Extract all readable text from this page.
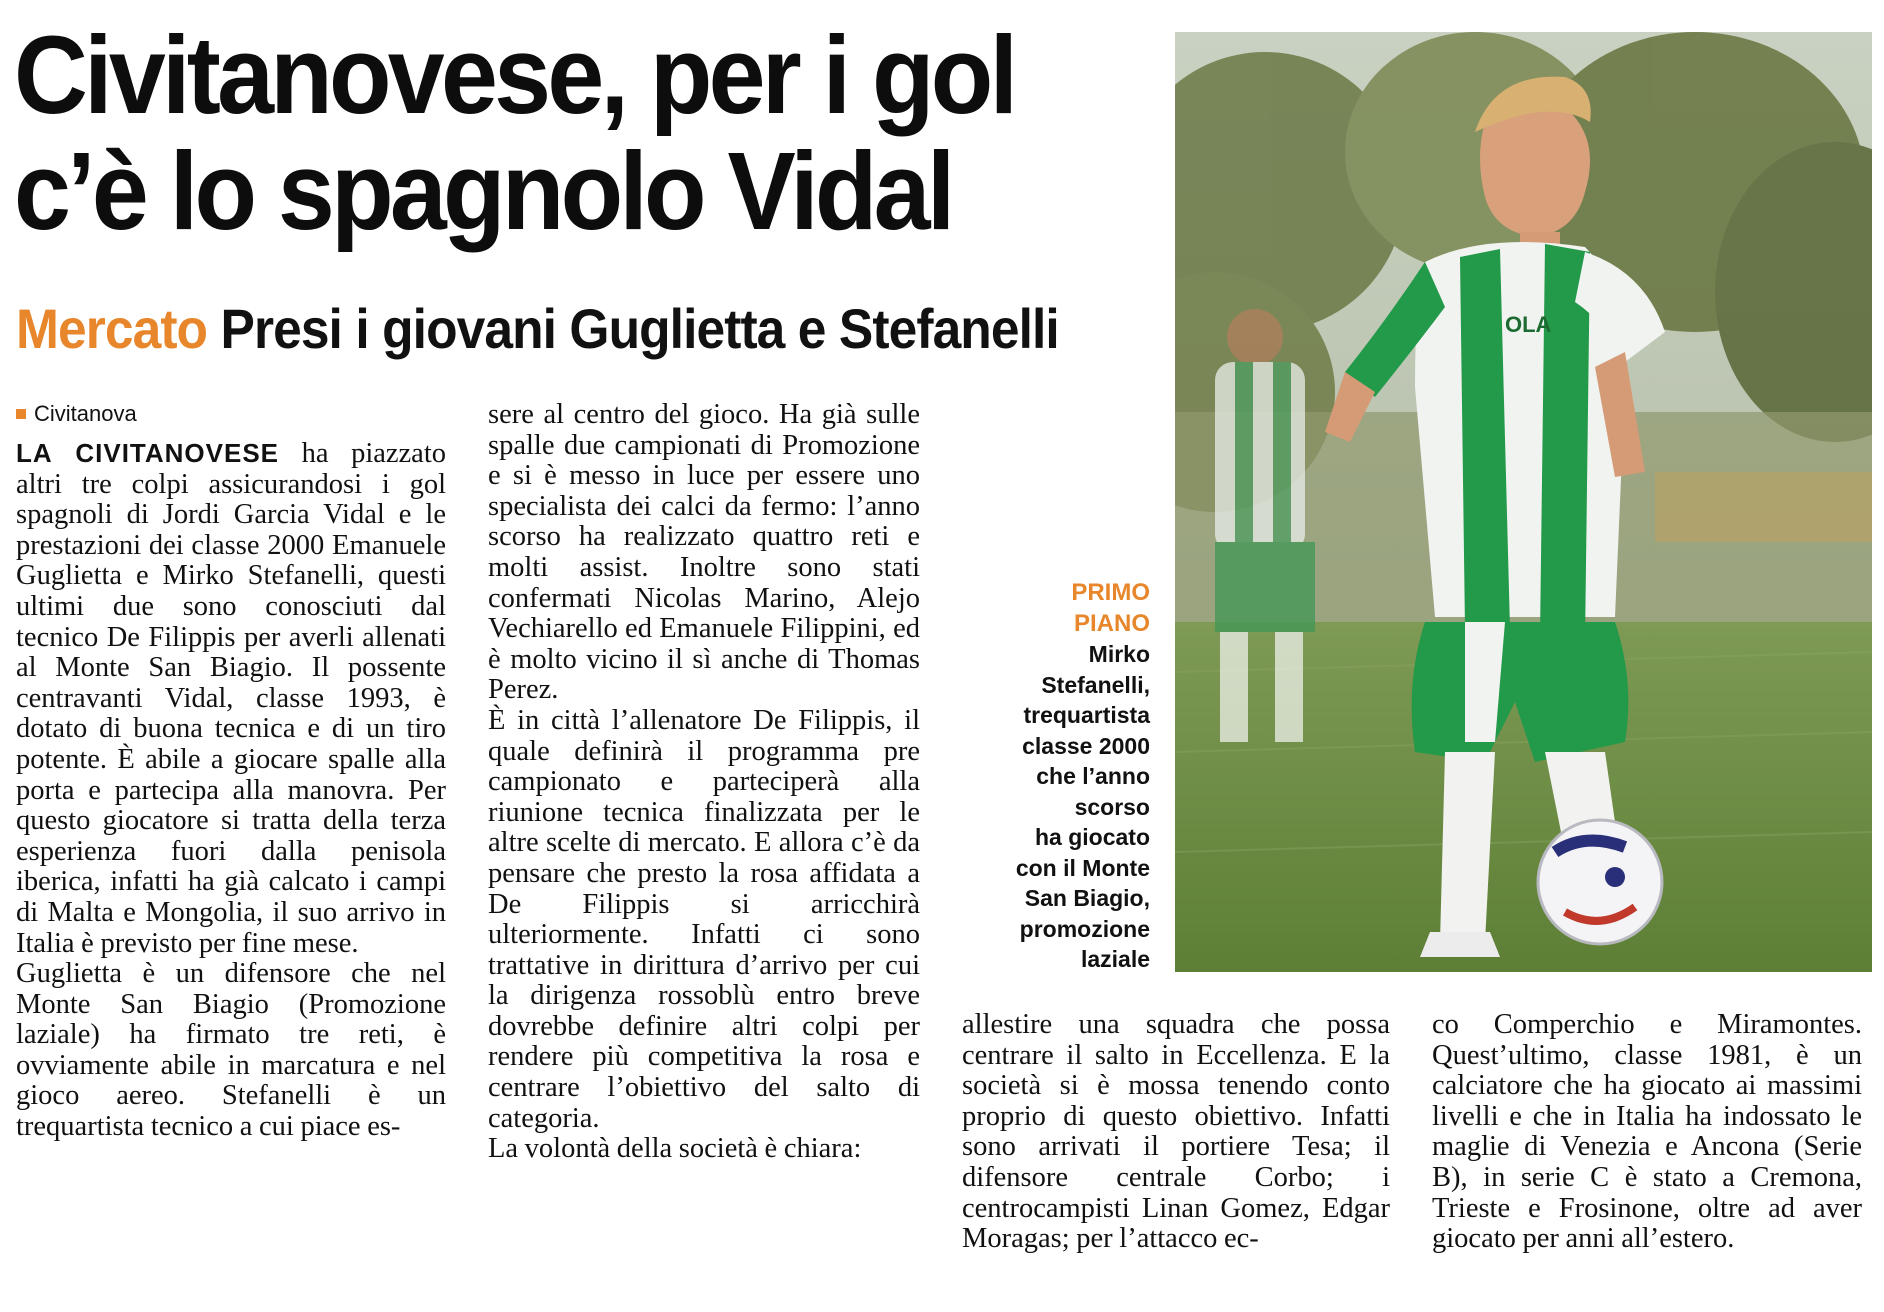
Civitanovese, per i gol
c’è lo spagnolo Vidal
Mercato Presi i giovani Guglietta e Stefanelli
Civitanova

LA CIVITANOVESE ha piazzato altri tre colpi assicurandosi i gol spagnoli di Jordi Garcia Vidal e le prestazioni dei classe 2000 Emanuele Guglietta e Mirko Stefanelli, questi ultimi due sono conosciuti dal tecnico De Filippis per averli allenati al Monte San Biagio. Il possente centravanti Vidal, classe 1993, è dotato di buona tecnica e di un tiro potente. È abile a giocare spalle alla porta e partecipa alla manovra. Per questo giocatore si tratta della terza esperienza fuori dalla penisola iberica, infatti ha già calcato i campi di Malta e Mongolia, il suo arrivo in Italia è previsto per fine mese.

Guglietta è un difensore che nel Monte San Biagio (Promozione laziale) ha firmato tre reti, è ovviamente abile in marcatura e nel gioco aereo. Stefanelli è un trequartista tecnico a cui piace es-

sere al centro del gioco. Ha già sulle spalle due campionati di Promozione e si è messo in luce per essere uno specialista dei calci da fermo: l’anno scorso ha realizzato quattro reti e molti assist. Inoltre sono stati confermati Nicolas Marino, Alejo Vechiarello ed Emanuele Filippini, ed è molto vicino il sì anche di Thomas Perez.

È in città l’allenatore De Filippis, il quale definirà il programma pre campionato e parteciperà alla riunione tecnica finalizzata per le altre scelte di mercato. E allora c’è da pensare che presto la rosa affidata a De Filippis si arricchirà ulteriormente. Infatti ci sono trattative in dirittura d’arrivo per cui la dirigenza rossoblù entro breve dovrebbe definire altri colpi per rendere più competitiva la rosa e centrare l’obiettivo del salto di categoria.

La volontà della società è chiara:

allestire una squadra che possa centrare il salto in Eccellenza. E la società si è mossa tenendo conto proprio di questo obiettivo. Infatti sono arrivati il portiere Tesa; il difensore centrale Corbo; i centrocampisti Linan Gomez, Edgar Moragas; per l’attacco ec-

co Comperchio e Miramontes. Quest’ultimo, classe 1981, è un calciatore che ha giocato ai massimi livelli e che in Italia ha indossato le maglie di Venezia e Ancona (Serie B), in serie C è stato a Cremona, Trieste e Frosinone, oltre ad aver giocato per anni all’estero.

PRIMO
PIANO
Mirko
Stefanelli,
trequartista
classe 2000
che l’anno
scorso
ha giocato
con il Monte
San Biagio,
promozione
laziale
OLA
